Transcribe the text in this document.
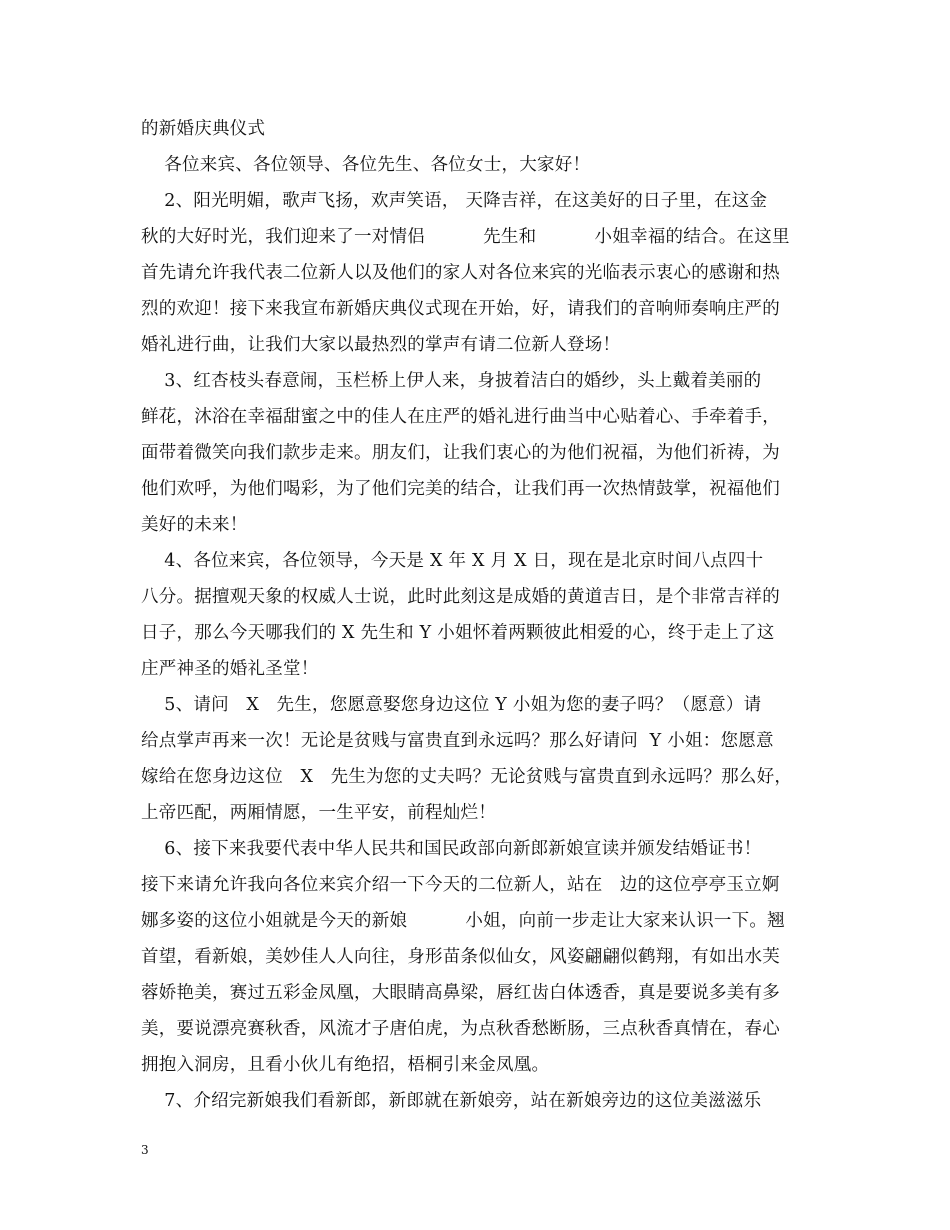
的新婚庆典仪式
各位来宾、各位领导、各位先生、各位女士，大家好！
2、阳光明媚，歌声飞扬，欢声笑语， 天降吉祥，在这美好的日子里，在这金
秋的大好时光，我们迎来了一对情侣          先生和          小姐幸福的结合。在这里
首先请允许我代表二位新人以及他们的家人对各位来宾的光临表示衷心的感谢和热
烈的欢迎！接下来我宣布新婚庆典仪式现在开始，好，请我们的音响师奏响庄严的
婚礼进行曲，让我们大家以最热烈的掌声有请二位新人登场！
3、红杏枝头春意闹，玉栏桥上伊人来，身披着洁白的婚纱，头上戴着美丽的
鲜花，沐浴在幸福甜蜜之中的佳人在庄严的婚礼进行曲当中心贴着心、手牵着手，
面带着微笑向我们款步走来。朋友们，让我们衷心的为他们祝福，为他们祈祷，为
他们欢呼，为他们喝彩，为了他们完美的结合，让我们再一次热情鼓掌，祝福他们
美好的未来！
4、各位来宾，各位领导，今天是 X 年 X 月 X 日，现在是北京时间八点四十
八分。据擅观天象的权威人士说，此时此刻这是成婚的黄道吉日，是个非常吉祥的
日子，那么今天哪我们的 X 先生和 Y 小姐怀着两颗彼此相爱的心，终于走上了这
庄严神圣的婚礼圣堂！
5、请问   X   先生，您愿意娶您身边这位 Y 小姐为您的妻子吗？（愿意）请
给点掌声再来一次！无论是贫贱与富贵直到永远吗？那么好请问  Y 小姐：您愿意
嫁给在您身边这位   X   先生为您的丈夫吗？无论贫贱与富贵直到永远吗？那么好，
上帝匹配，两厢情愿，一生平安，前程灿烂！
6、接下来我要代表中华人民共和国民政部向新郎新娘宣读并颁发结婚证书！
接下来请允许我向各位来宾介绍一下今天的二位新人，站在   边的这位亭亭玉立婀
娜多姿的这位小姐就是今天的新娘          小姐，向前一步走让大家来认识一下。翘
首望，看新娘，美妙佳人人向往，身形苗条似仙女，风姿翩翩似鹤翔，有如出水芙
蓉娇艳美，赛过五彩金凤凰，大眼睛高鼻梁，唇红齿白体透香，真是要说多美有多
美，要说漂亮赛秋香，风流才子唐伯虎，为点秋香愁断肠，三点秋香真情在，春心
拥抱入洞房，且看小伙儿有绝招，梧桐引来金凤凰。
7、介绍完新娘我们看新郎，新郎就在新娘旁，站在新娘旁边的这位美滋滋乐
3
